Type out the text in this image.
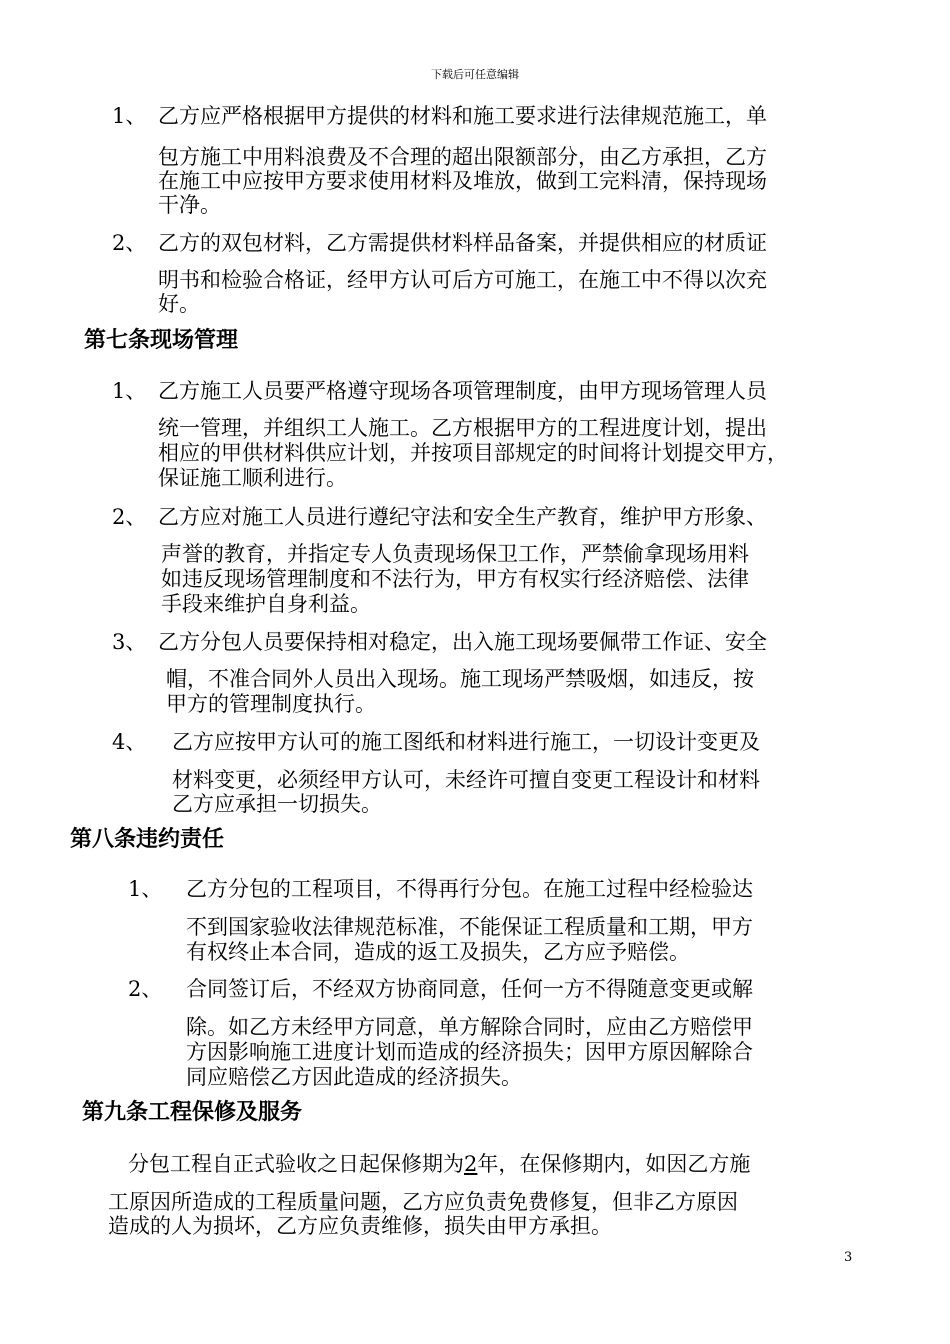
下载后可任意编辑
1、 乙方应严格根据甲方提供的材料和施工要求进行法律规范施工，单
包方施工中用料浪费及不合理的超出限额部分，由乙方承担，乙方
在施工中应按甲方要求使用材料及堆放，做到工完料清，保持现场
干净。
2、 乙方的双包材料，乙方需提供材料样品备案，并提供相应的材质证
明书和检验合格证，经甲方认可后方可施工，在施工中不得以次充
好。
第七条现场管理
1、 乙方施工人员要严格遵守现场各项管理制度，由甲方现场管理人员
统一管理，并组织工人施工。乙方根据甲方的工程进度计划，提出
相应的甲供材料供应计划，并按项目部规定的时间将计划提交甲方，
保证施工顺利进行。
2、 乙方应对施工人员进行遵纪守法和安全生产教育，维护甲方形象、
声誉的教育，并指定专人负责现场保卫工作，严禁偷拿现场用料
如违反现场管理制度和不法行为，甲方有权实行经济赔偿、法律
手段来维护自身利益。
3、 乙方分包人员要保持相对稳定，出入施工现场要佩带工作证、安全
帽，不准合同外人员出入现场。施工现场严禁吸烟，如违反，按
甲方的管理制度执行。
4、 乙方应按甲方认可的施工图纸和材料进行施工，一切设计变更及
材料变更，必须经甲方认可，未经许可擅自变更工程设计和材料
乙方应承担一切损失。
第八条违约责任
1、 乙方分包的工程项目，不得再行分包。在施工过程中经检验达
不到国家验收法律规范标准，不能保证工程质量和工期，甲方
有权终止本合同，造成的返工及损失，乙方应予赔偿。
2、 合同签订后，不经双方协商同意，任何一方不得随意变更或解
除。如乙方未经甲方同意，单方解除合同时，应由乙方赔偿甲
方因影响施工进度计划而造成的经济损失；因甲方原因解除合
同应赔偿乙方因此造成的经济损失。
第九条工程保修及服务
分包工程自正式验收之日起保修期为2年，在保修期内，如因乙方施
工原因所造成的工程质量问题，乙方应负责免费修复，但非乙方原因
造成的人为损坏，乙方应负责维修，损失由甲方承担。
3
